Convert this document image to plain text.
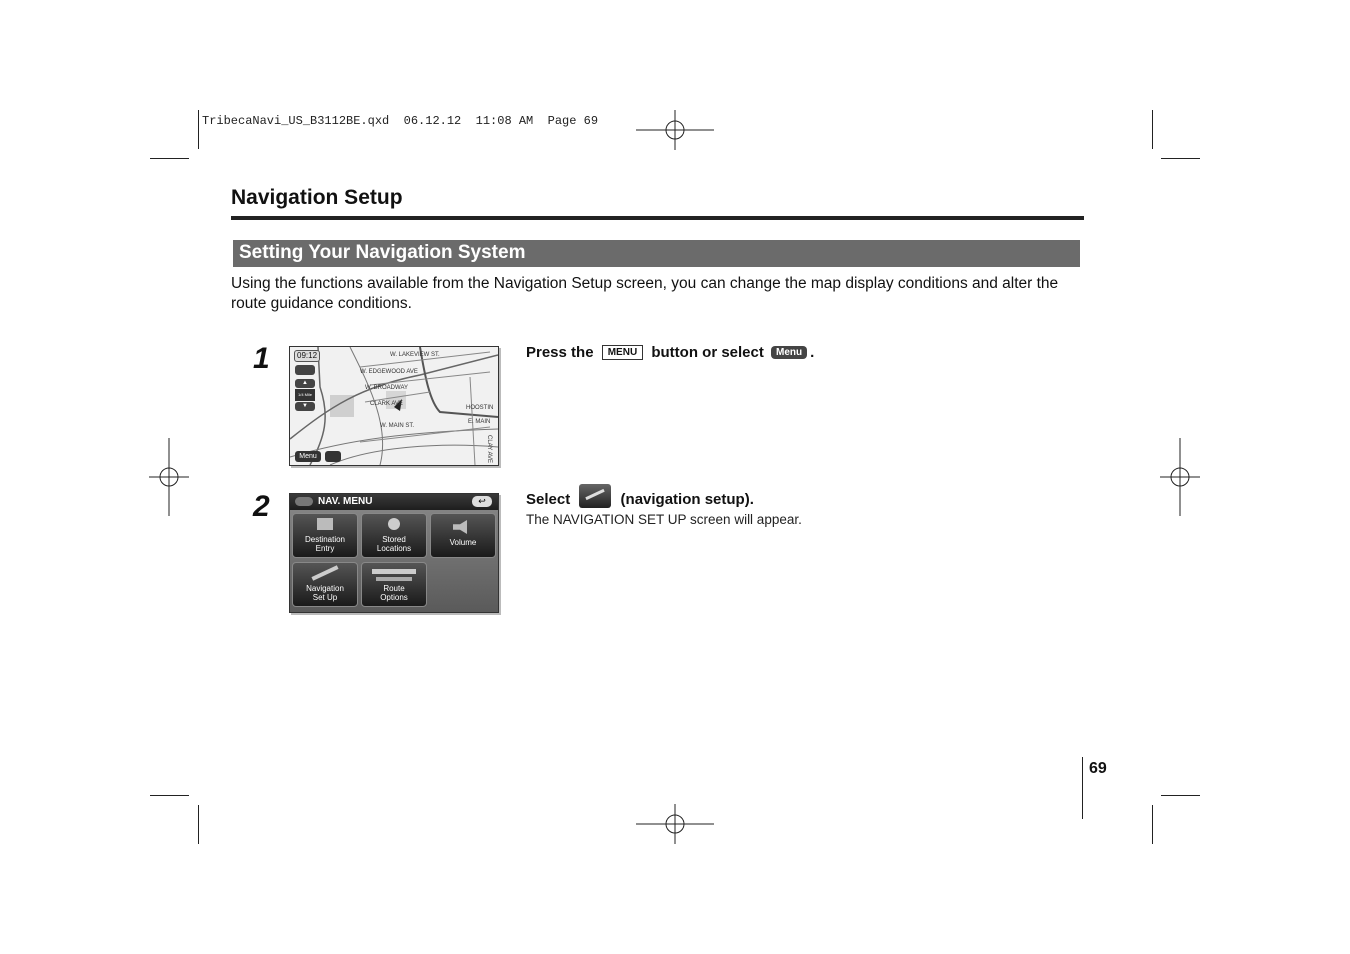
TribecaNavi_US_B3112BE.qxd  06.12.12  11:08 AM  Page 69
Navigation Setup
Setting Your Navigation System
Using the functions available from the Navigation Setup screen, you can change the map display conditions and alter the route guidance conditions.
1	09:12	W. LAKEVIEW ST.
W. EDGEWOOD AVE
W. BROADWAY
CLARK AVE
HOOSTIN
E. MAIN
W. MAIN ST.
CLAY AVE
▲
1/4 Mile
▼
Menu
Press the MENU button or select Menu .
2	NAV. MENU	↩
Destination
Entry
Stored
Locations
Volume
Navigation
Set Up
Route
Options
Select	(navigation setup).
The NAVIGATION SET UP screen will appear.
69
